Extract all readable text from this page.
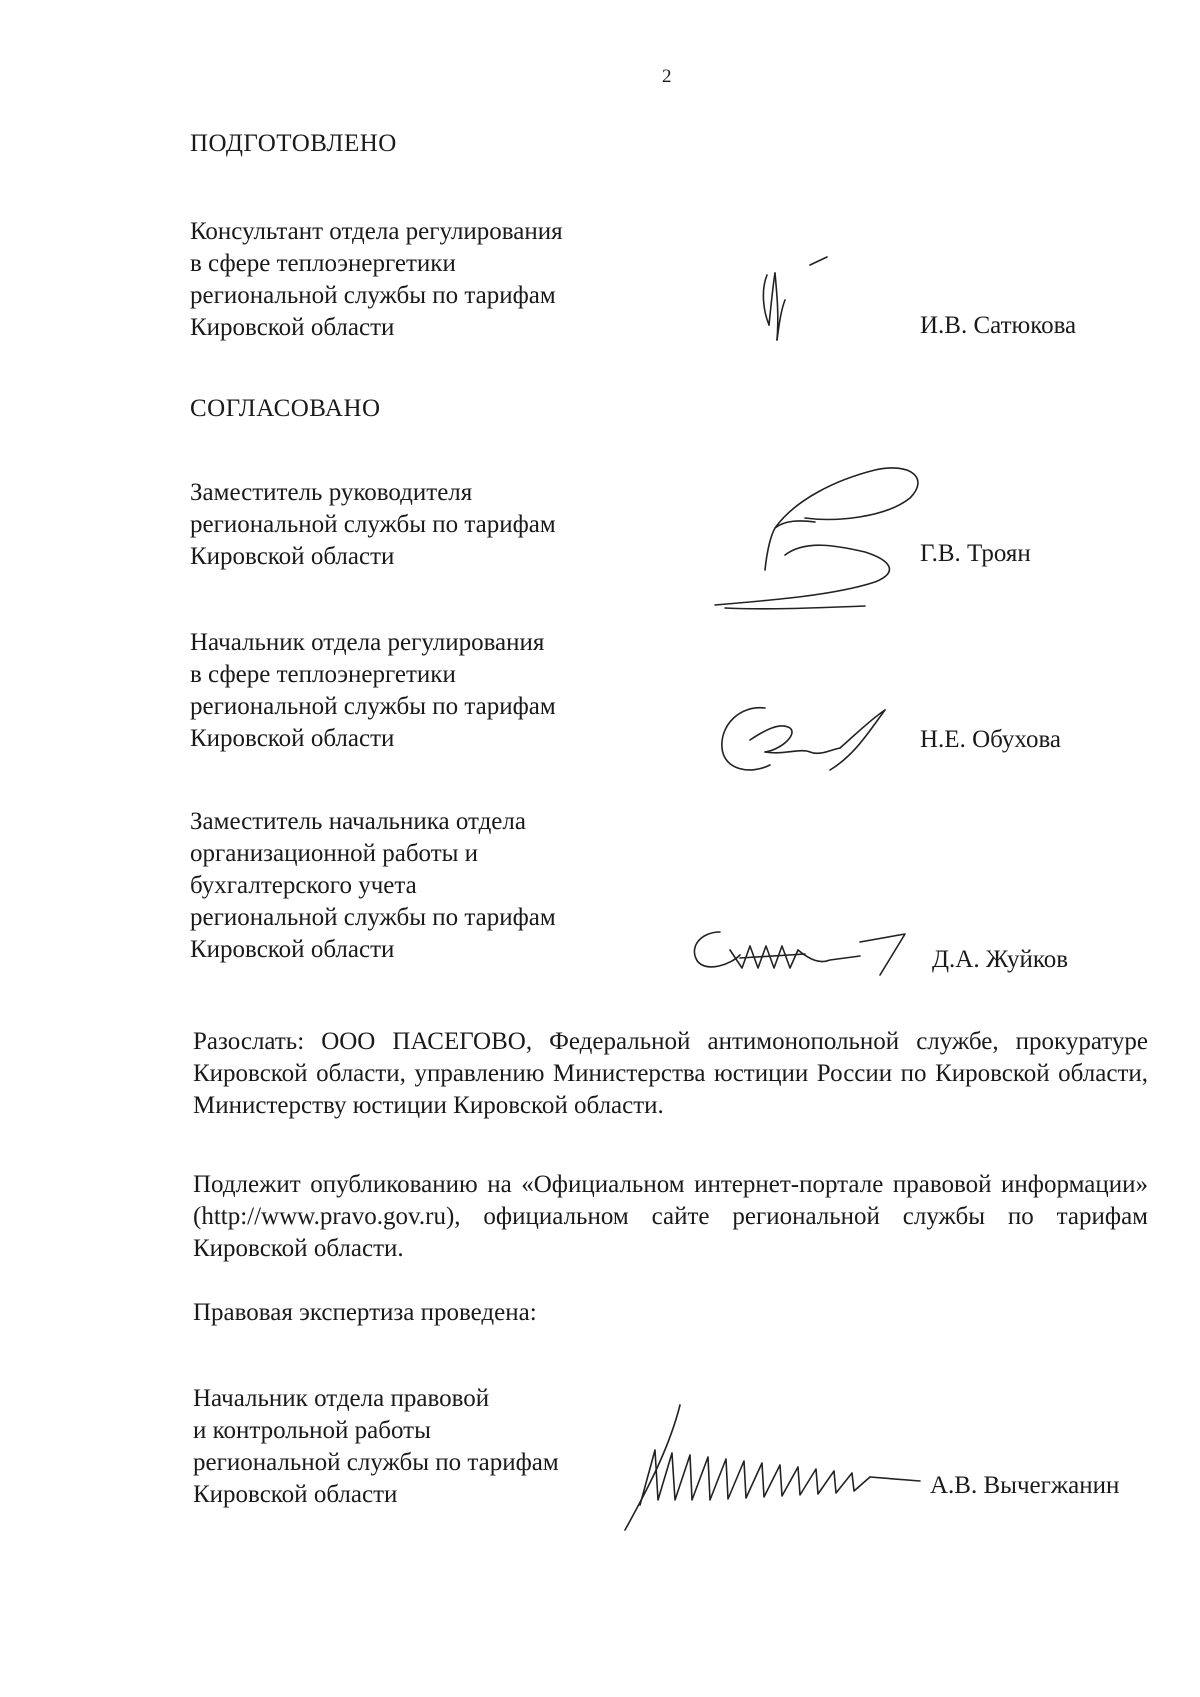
2
ПОДГОТОВЛЕНО
Консультант отдела регулирования
в сфере теплоэнергетики
региональной службы по тарифам
Кировской области	И.В. Сатюкова
СОГЛАСОВАНО
Заместитель руководителя
региональной службы по тарифам
Кировской области	Г.В. Троян
Начальник отдела регулирования
в сфере теплоэнергетики
региональной службы по тарифам
Кировской области	Н.Е. Обухова
Заместитель начальника отдела
организационной работы и
бухгалтерского учета
региональной службы по тарифам
Кировской области	Д.А. Жуйков
Разослать: ООО ПАСЕГОВО, Федеральной антимонопольной службе, прокуратуре Кировской области, управлению Министерства юстиции России по Кировской области, Министерству юстиции Кировской области.
Подлежит опубликованию на «Официальном интернет-портале правовой информации» (http://www.pravo.gov.ru), официальном сайте региональной службы по тарифам Кировской области.
Правовая экспертиза проведена:
Начальник отдела правовой
и контрольной работы
региональной службы по тарифам
Кировской области	А.В. Вычегжанин
